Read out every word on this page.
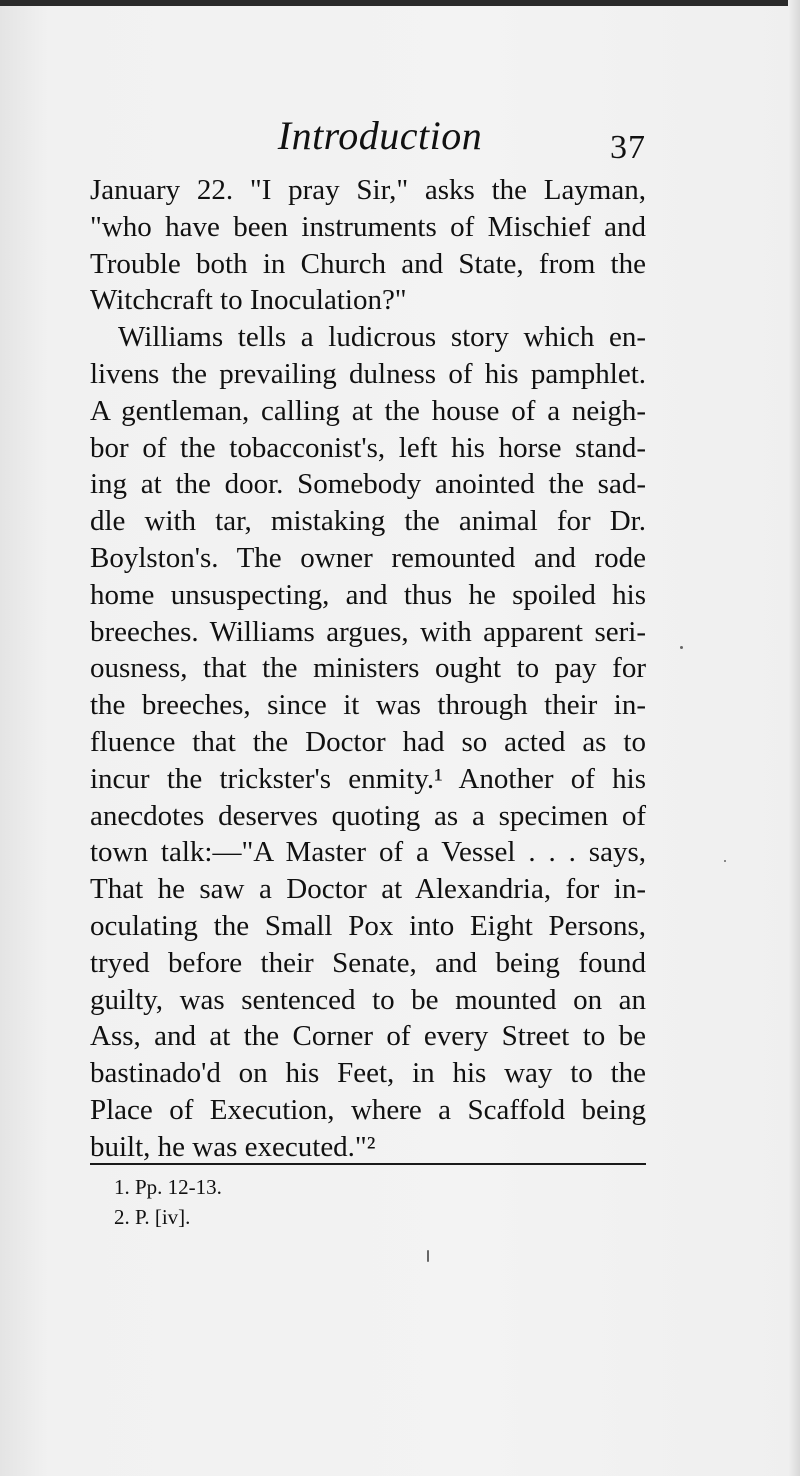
Introduction	37
January 22. "I pray Sir," asks the Layman,
"who have been instruments of Mischief and
Trouble both in Church and State, from the
Witchcraft to Inoculation?"
Williams tells a ludicrous story which en-
livens the prevailing dulness of his pamphlet.
A gentleman, calling at the house of a neigh-
bor of the tobacconist's, left his horse stand-
ing at the door. Somebody anointed the sad-
dle with tar, mistaking the animal for Dr.
Boylston's. The owner remounted and rode
home unsuspecting, and thus he spoiled his
breeches. Williams argues, with apparent seri-
ousness, that the ministers ought to pay for
the breeches, since it was through their in-
fluence that the Doctor had so acted as to
incur the trickster's enmity.¹ Another of his
anecdotes deserves quoting as a specimen of
town talk:—"A Master of a Vessel . . . says,
That he saw a Doctor at Alexandria, for in-
oculating the Small Pox into Eight Persons,
tryed before their Senate, and being found
guilty, was sentenced to be mounted on an
Ass, and at the Corner of every Street to be
bastinado'd on his Feet, in his way to the
Place of Execution, where a Scaffold being
built, he was executed."²
1. Pp. 12-13.
2. P. [iv].
